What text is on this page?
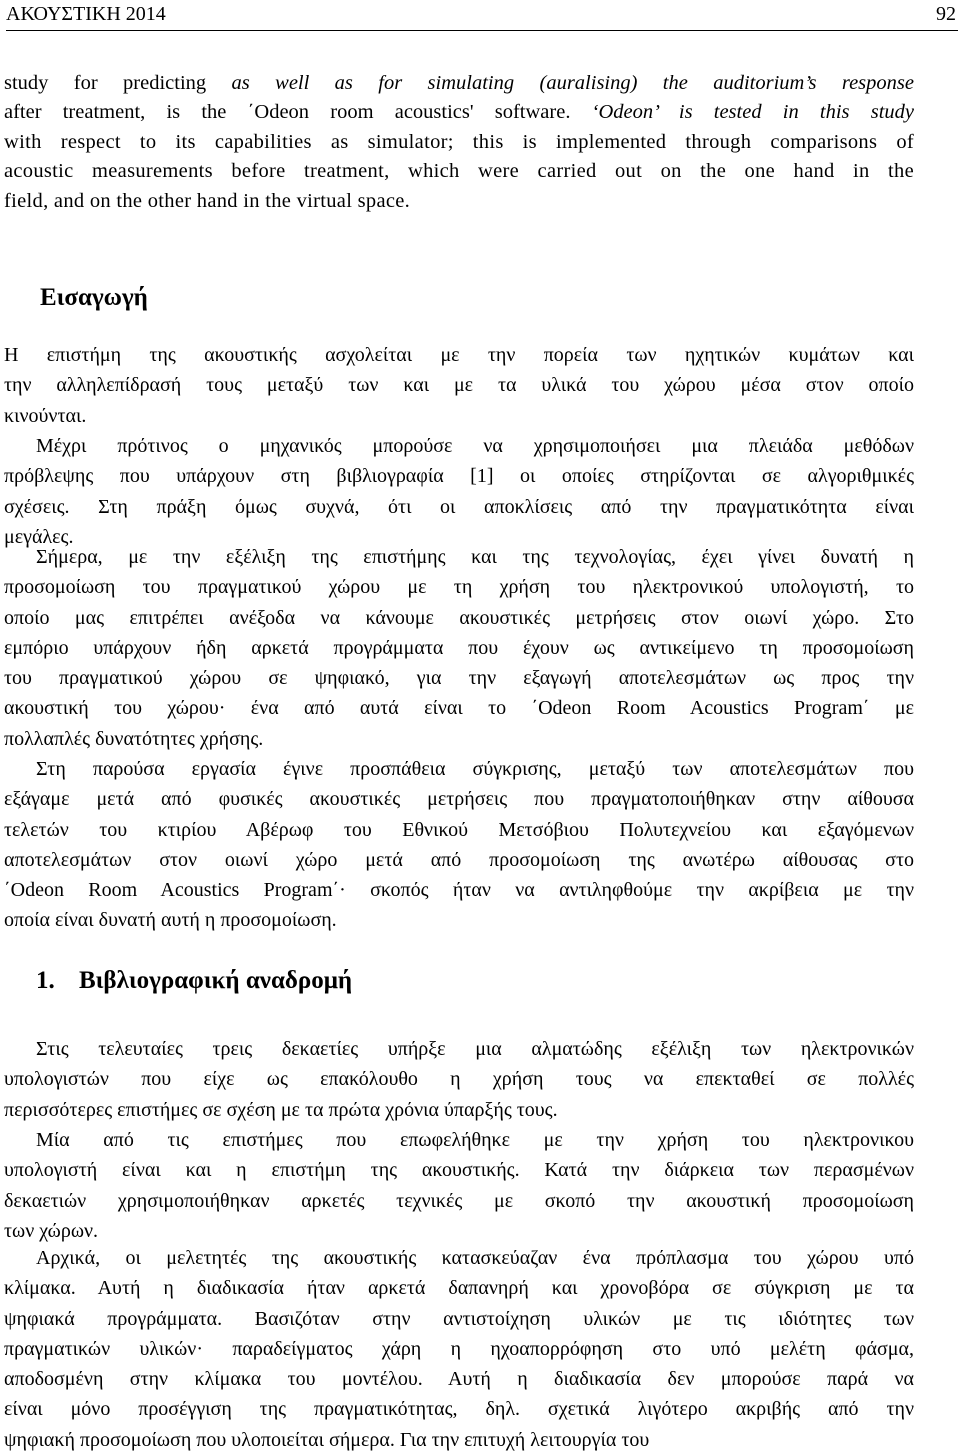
ΑΚΟΥΣΤΙΚΗ 2014	92
study for predicting as well as for simulating (auralising) the auditorium’s response
after treatment, is the ΄Odeon room acoustics' software. ‘Odeon’ is tested in this study
with respect to its capabilities as simulator; this is implemented through comparisons of
acoustic measurements before treatment, which were carried out on the one hand in the
field, and on the other hand in the virtual space.
Εισαγωγή

Η επιστήμη της ακουστικής ασχολείται με την πορεία των ηχητικών κυμάτων και
την αλληλεπίδρασή τους μεταξύ των και με τα υλικά του χώρου μέσα στον οποίο
κινούνται.

Μέχρι πρότινος ο μηχανικός μπορούσε να χρησιμοποιήσει μια πλειάδα μεθόδων
πρόβλεψης που υπάρχουν στη βιβλιογραφία [1] οι οποίες στηρίζονται σε αλγοριθμικές
σχέσεις. Στη πράξη όμως συχνά, ότι οι αποκλίσεις από την πραγματικότητα είναι
μεγάλες.

Σήμερα, με την εξέλιξη της επιστήμης και της τεχνολογίας, έχει γίνει δυνατή η
προσομοίωση του πραγματικού χώρου με τη χρήση του ηλεκτρονικού υπολογιστή, το
οποίο μας επιτρέπει ανέξοδα να κάνουμε ακουστικές μετρήσεις στον οιωνί χώρο. Στο
εμπόριο υπάρχουν ήδη αρκετά προγράμματα που έχουν ως αντικείμενο τη προσομοίωση
του πραγματικού χώρου σε ψηφιακό, για την εξαγωγή αποτελεσμάτων ως προς την
ακουστική του χώρου· ένα από αυτά είναι το ΄Odeon Room Acoustics Program΄ με
πολλαπλές δυνατότητες χρήσης.

Στη παρούσα εργασία έγινε προσπάθεια σύγκρισης, μεταξύ των αποτελεσμάτων που
εξάγαμε μετά από φυσικές ακουστικές μετρήσεις που πραγματοποιήθηκαν στην αίθουσα
τελετών του κτιρίου Αβέρωφ του Εθνικού Μετσόβιου Πολυτεχνείου και εξαγόμενων
αποτελεσμάτων στον οιωνί χώρο μετά από προσομοίωση της ανωτέρω αίθουσας στο
΄Odeon Room Acoustics Program΄· σκοπός ήταν να αντιληφθούμε την ακρίβεια με την
οποία είναι δυνατή αυτή η προσομοίωση.

1. Βιβλιογραφική αναδρομή

Στις τελευταίες τρεις δεκαετίες υπήρξε μια αλματώδης εξέλιξη των ηλεκτρονικών
υπολογιστών που είχε ως επακόλουθο η χρήση τους να επεκταθεί σε πολλές
περισσότερες επιστήμες σε σχέση με τα πρώτα χρόνια ύπαρξής τους.

Μία από τις επιστήμες που επωφελήθηκε με την χρήση του ηλεκτρονικου
υπολογιστή είναι και η επιστήμη της ακουστικής. Κατά την διάρκεια των περασμένων
δεκαετιών χρησιμοποιήθηκαν αρκετές τεχνικές με σκοπό την ακουστική προσομοίωση
των χώρων.

Αρχικά, οι μελετητές της ακουστικής κατασκεύαζαν ένα πρόπλασμα του χώρου υπό
κλίμακα. Αυτή η διαδικασία ήταν αρκετά δαπανηρή και χρονοβόρα σε σύγκριση με τα
ψηφιακά προγράμματα. Βασιζόταν στην αντιστοίχηση υλικών με τις ιδιότητες των
πραγματικών υλικών· παραδείγματος χάρη η ηχοαπορρόφηση στο υπό μελέτη φάσμα,
αποδοσμένη στην κλίμακα του μοντέλου. Αυτή η διαδικασία δεν μπορούσε παρά να
είναι μόνο προσέγγιση της πραγματικότητας, δηλ. σχετικά λιγότερο ακριβής από την
ψηφιακή προσομοίωση που υλοποιείται σήμερα. Για την επιτυχή λειτουργία του
